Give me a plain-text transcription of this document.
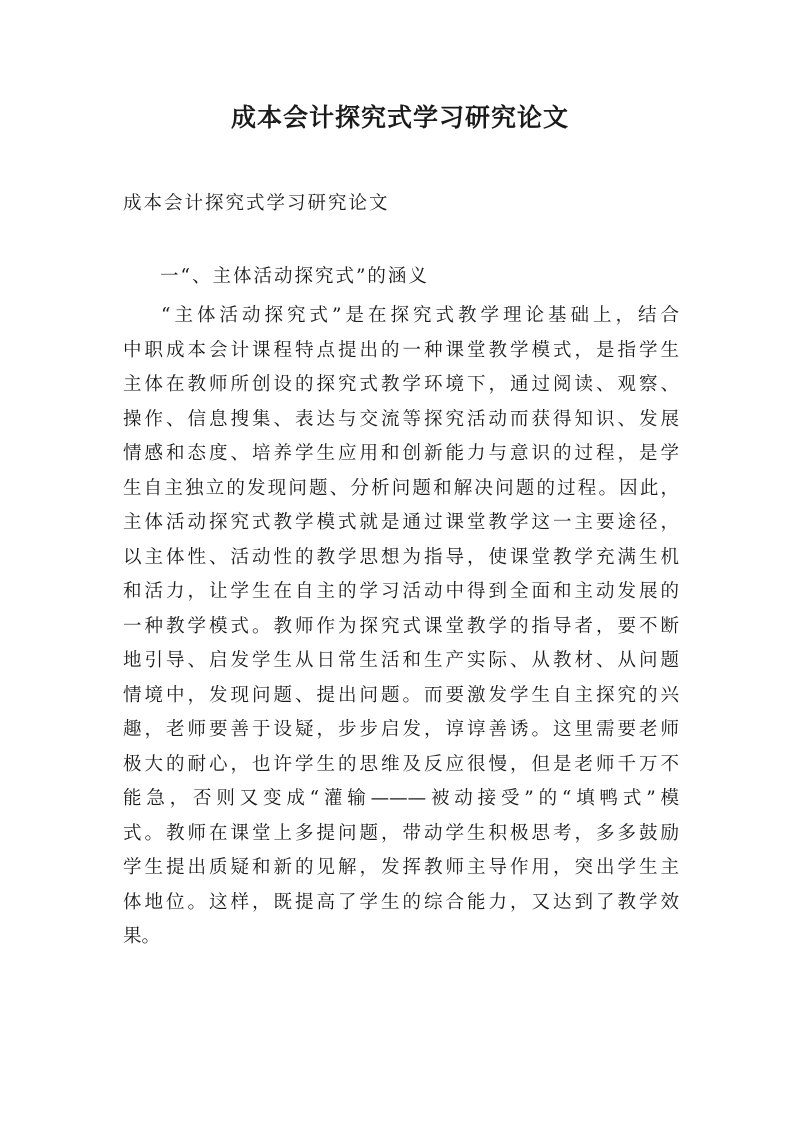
成本会计探究式学习研究论文

成本会计探究式学习研究论文

一“、主体活动探究式”的涵义

“主体活动探究式”是在探究式教学理论基础上，结合
中职成本会计课程特点提出的一种课堂教学模式，是指学生
主体在教师所创设的探究式教学环境下，通过阅读、观察、
操作、信息搜集、表达与交流等探究活动而获得知识、发展
情感和态度、培养学生应用和创新能力与意识的过程，是学
生自主独立的发现问题、分析问题和解决问题的过程。因此，
主体活动探究式教学模式就是通过课堂教学这一主要途径，
以主体性、活动性的教学思想为指导，使课堂教学充满生机
和活力，让学生在自主的学习活动中得到全面和主动发展的
一种教学模式。教师作为探究式课堂教学的指导者，要不断
地引导、启发学生从日常生活和生产实际、从教材、从问题
情境中，发现问题、提出问题。而要激发学生自主探究的兴
趣，老师要善于设疑，步步启发，谆谆善诱。这里需要老师
极大的耐心，也许学生的思维及反应很慢，但是老师千万不
能急，否则又变成“灌输———被动接受”的“填鸭式”模
式。教师在课堂上多提问题，带动学生积极思考，多多鼓励
学生提出质疑和新的见解，发挥教师主导作用，突出学生主
体地位。这样，既提高了学生的综合能力，又达到了教学效
果。
